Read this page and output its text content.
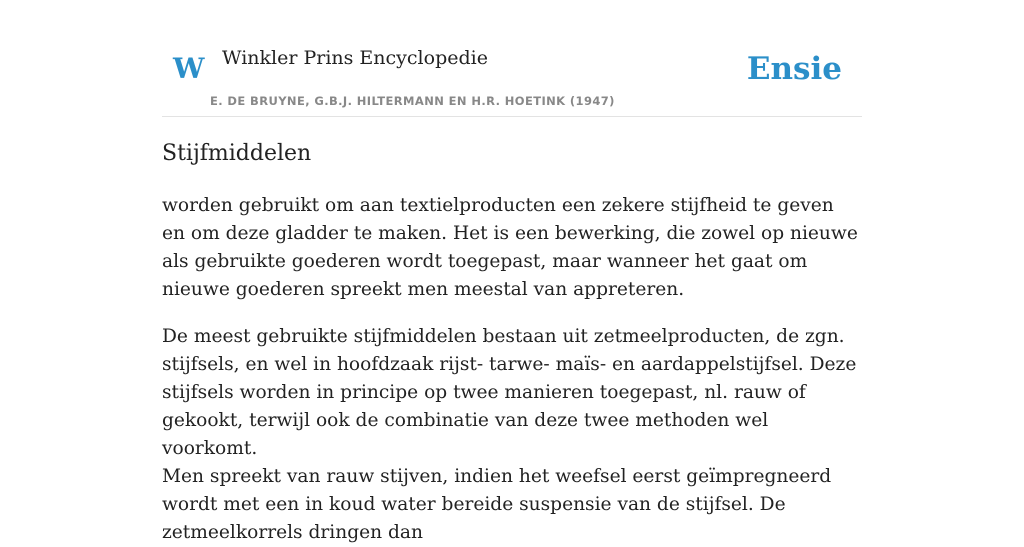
W Winkler Prins Encyclopedie
E. DE BRUYNE, G.B.J. HILTERMANN EN H.R. HOETINK (1947)
Ensie
Stijfmiddelen

worden gebruikt om aan textielproducten een zekere stijfheid te geven en om deze gladder te maken. Het is een bewerking, die zowel op nieuwe als gebruikte goederen wordt toegepast, maar wanneer het gaat om nieuwe goederen spreekt men meestal van appreteren.

De meest gebruikte stijfmiddelen bestaan uit zetmeelproducten, de zgn. stijfsels, en wel in hoofdzaak rijst- tarwe- maïs- en aardappelstijfsel. Deze stijfsels worden in principe op twee manieren toegepast, nl. rauw of gekookt, terwijl ook de combinatie van deze twee methoden wel voorkomt.

Men spreekt van rauw stijven, indien het weefsel eerst geïmpregneerd wordt met een in koud water bereide suspensie van de stijfsel. De zetmeelkorrels dringen dan
